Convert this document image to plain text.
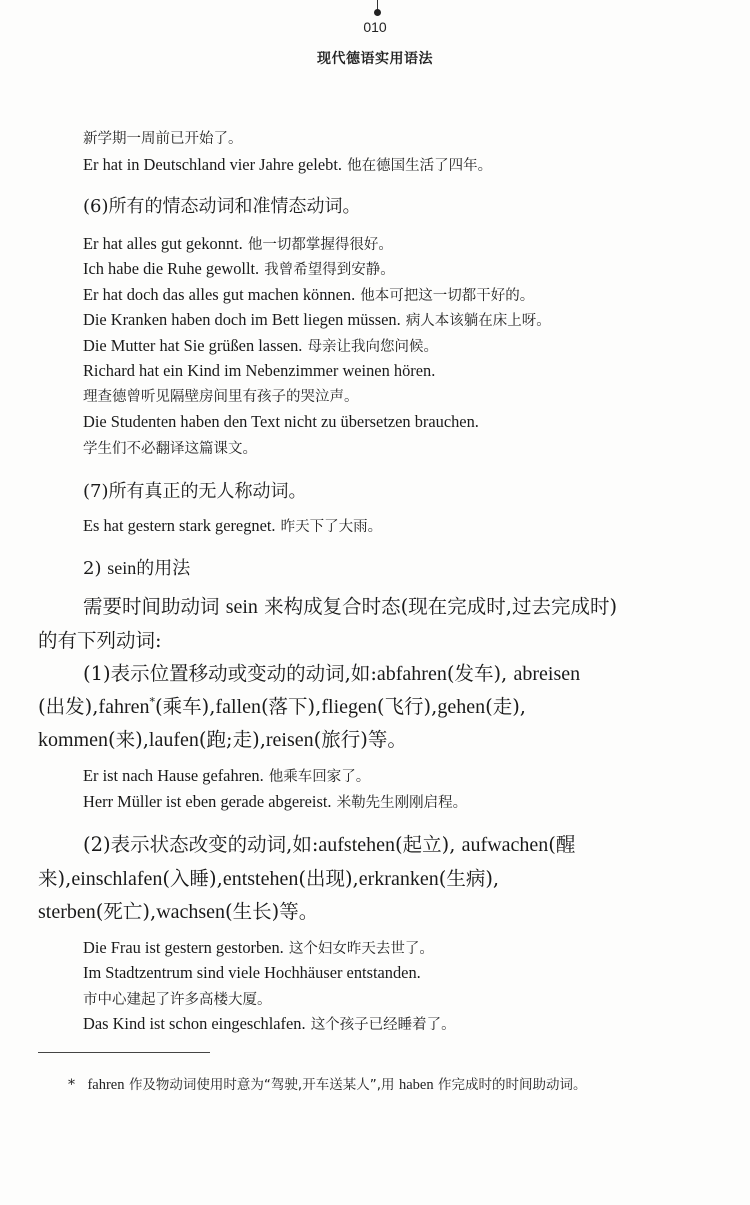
010
现代德语实用语法
新学期一周前已开始了。
Er hat in Deutschland vier Jahre gelebt. 他在德国生活了四年。
(6)所有的情态动词和准情态动词。
Er hat alles gut gekonnt. 他一切都掌握得很好。
Ich habe die Ruhe gewollt. 我曾希望得到安静。
Er hat doch das alles gut machen können. 他本可把这一切都干好的。
Die Kranken haben doch im Bett liegen müssen. 病人本该躺在床上呀。
Die Mutter hat Sie grüßen lassen. 母亲让我向您问候。
Richard hat ein Kind im Nebenzimmer weinen hören.
理查德曾听见隔壁房间里有孩子的哭泣声。
Die Studenten haben den Text nicht zu übersetzen brauchen.
学生们不必翻译这篇课文。
(7)所有真正的无人称动词。
Es hat gestern stark geregnet. 昨天下了大雨。
2) sein的用法
需要时间助动词 sein 来构成复合时态(现在完成时,过去完成时)
的有下列动词:
(1)表示位置移动或变动的动词,如:abfahren(发车), abreisen
(出发),fahren*(乘车),fallen(落下),fliegen(飞行),gehen(走),
kommen(来),laufen(跑;走),reisen(旅行)等。
Er ist nach Hause gefahren. 他乘车回家了。
Herr Müller ist eben gerade abgereist. 米勒先生刚刚启程。
(2)表示状态改变的动词,如:aufstehen(起立), aufwachen(醒
来),einschlafen(入睡),entstehen(出现),erkranken(生病),
sterben(死亡),wachsen(生长)等。
Die Frau ist gestern gestorben. 这个妇女昨天去世了。
Im Stadtzentrum sind viele Hochhäuser entstanden.
市中心建起了许多高楼大厦。
Das Kind ist schon eingeschlafen. 这个孩子已经睡着了。
* fahren 作及物动词使用时意为“驾驶,开车送某人”,用 haben 作完成时的时间助动词。
